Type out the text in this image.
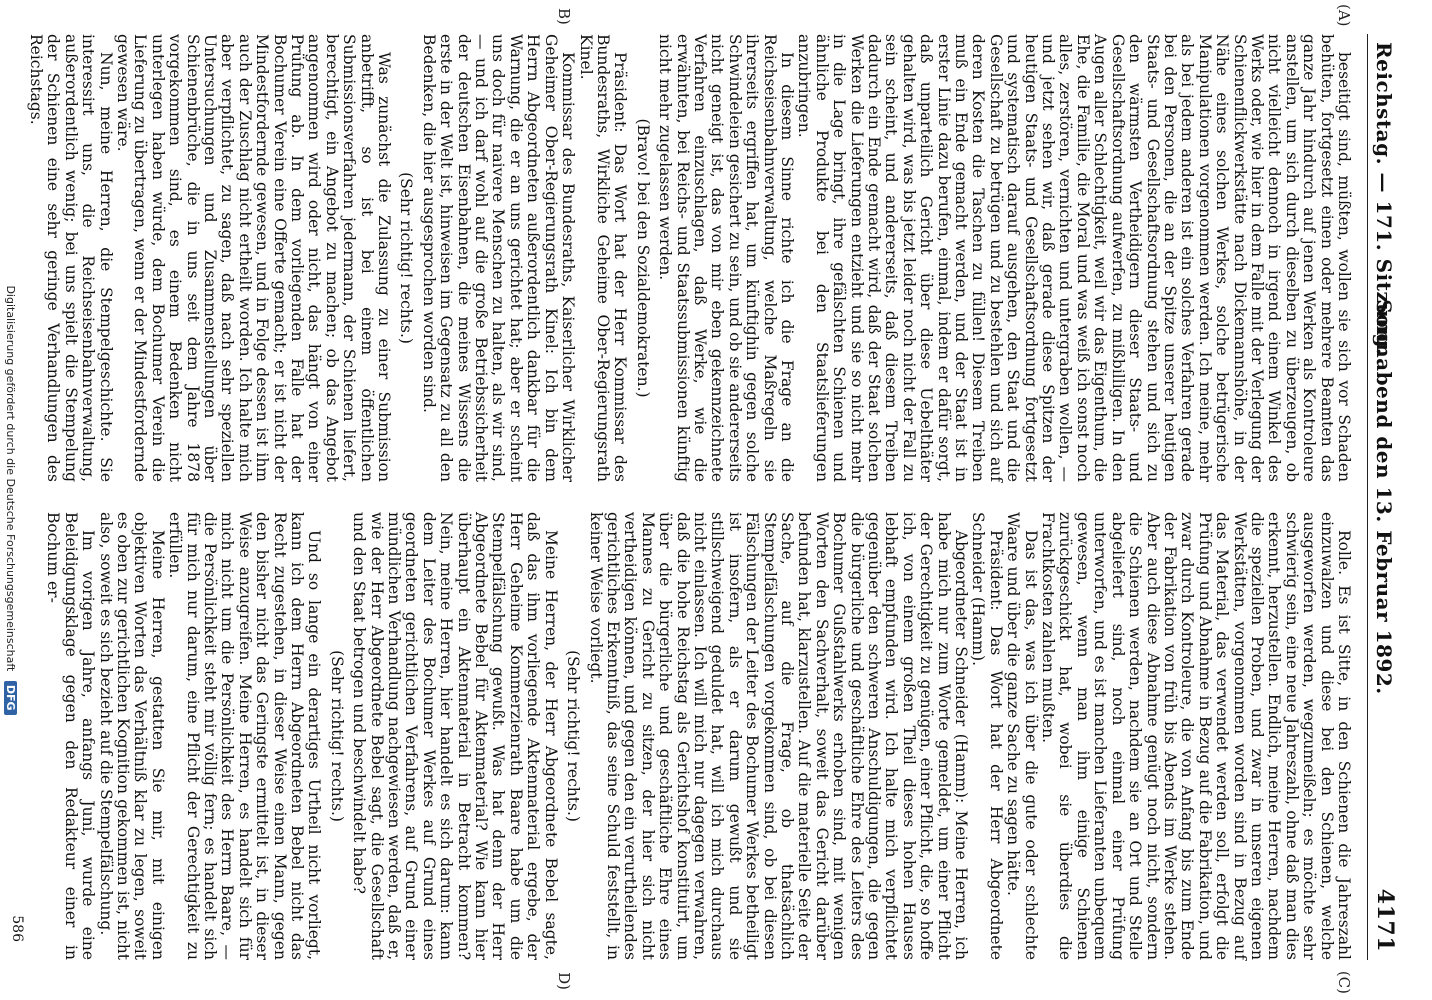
Reichstag. — 171. Sitzung.
Sonnabend den 13. Februar 1892.
4171
(A)
B)

beseitigt sind, müßten, wollen sie sich vor Schaden behüten, fortgesetzt einen oder mehrere Beamten das ganze Jahr hindurch auf jenen Werken als Kontroleure anstellen, um sich durch dieselben zu überzeugen, ob nicht vielleicht dennoch in irgend einem Winkel des Werks oder, wie hier in dem Falle mit der Verlegung der Schienenflickwerkstätte nach Dickemannshöhe, in der Nähe eines solchen Werkes, solche betrügerische Manipulationen vorgenommen werden. Ich meine, mehr als bei jedem anderen ist ein solches Verfahren gerade bei den Personen, die an der Spitze unserer heutigen Staats- und Gesellschaftsordnung stehen und sich zu den wärmsten Vertheidigern dieser Staats- und Gesellschaftsordnung aufwerfen, zu mißbilligen. In den Augen aller Schlechtigkeit, weil wir das Eigenthum, die Ehe, die Familie, die Moral und was weiß ich sonst noch alles, zerstören, vernichten und untergraben wollen, — und jetzt sehen wir, daß gerade diese Spitzen der heutigen Staats- und Gesellschaftsordnung fortgesetzt und systematisch darauf ausgehen, den Staat und die Gesellschaft zu betrügen und zu bestehlen und sich auf deren Kosten die Taschen zu füllen! Diesem Treiben muß ein Ende gemacht werden, und der Staat ist in erster Linie dazu berufen, einmal, indem er dafür sorgt, daß unparteilich Gericht über diese Uebelthäter gehalten wird, was bis jetzt leider noch nicht der Fall zu sein scheint, und andererseits, daß diesem Treiben dadurch ein Ende gemacht wird, daß der Staat solchen Werken die Lieferungen entzieht und sie so nicht mehr in die Lage bringt, ihre gefälschten Schienen und ähnliche Produkte bei den Staatslieferungen anzubringen.

In diesem Sinne richte ich die Frage an die Reichseisenbahnverwaltung, welche Maßregeln sie ihrerseits ergriffen hat, um künftighin gegen solche Schwindeleien gesichert zu sein, und ob sie andererseits nicht geneigt ist, das von mir eben gekennzeichnete Verfahren einzuschlagen, daß Werke, wie die erwähnten, bei Reichs- und Staatssubmissionen künftig nicht mehr zugelassen werden.

(Bravo! bei den Sozialdemokraten.)

Präsident: Das Wort hat der Herr Kommissar des Bundesraths, Wirkliche Geheime Ober-Regierungsrath Kinel.

Kommissar des Bundesraths, Kaiserlicher Wirklicher Geheimer Ober-Regierungsrath Kinel: Ich bin dem Herrn Abgeordneten außerordentlich dankbar für die Warnung, die er an uns gerichtet hat; aber er scheint uns doch für naivere Menschen zu halten, als wir sind, — und ich darf wohl auf die große Betriebssicherheit der deutschen Eisenbahnen, die meines Wissens die erste in der Welt ist, hinweisen im Gegensatz zu all den Bedenken, die hier ausgesprochen worden sind.

(Sehr richtig! rechts.)

Was zunächst die Zulassung zu einer Submission anbetrifft, so ist bei einem öffentlichen Submissionsverfahren jedermann, der Schienen liefert, berechtigt, ein Angebot zu machen; ob das Angebot angenommen wird oder nicht, das hängt von einer Prüfung ab. In dem vorliegenden Falle hat der Bochumer Verein eine Offerte gemacht; er ist nicht der Mindestfordernde gewesen, und in Folge dessen ist ihm auch der Zuschlag nicht ertheilt worden. Ich halte mich aber verpflichtet, zu sagen, daß nach sehr speziellen Untersuchungen und Zusammenstellungen über Schienenbrüche, die in uns seit dem Jahre 1878 vorgekommen sind, es einem Bedenken nicht unterlegen haben würde, dem Bochumer Verein die Lieferung zu übertragen, wenn er der Mindestfordernde gewesen wäre.

Nun, meine Herren, die Stempelgeschichte. Sie interessirt uns, die Reichseisenbahnverwaltung, außerordentlich wenig; bei uns spielt die Stempelung der Schienen eine sehr geringe Verhandlungen des Reichstags.

(C)
D)
586	Rolle. Es ist Sitte, in den Schienen die Jahreszahl einzuwalzen und diese bei den Schienen, welche ausgeworfen werden, wegzumeißeln; es möchte sehr schwierig sein, eine neue Jahreszahl, ohne daß man dies erkennt, herzustellen. Endlich, meine Herren, nachdem die speziellen Proben, und zwar in unseren eigenen Werkstätten, vorgenommen worden sind in Bezug auf das Material, das verwendet werden soll, erfolgt die Prüfung und Abnahme in Bezug auf die Fabrikation, und zwar durch Kontroleure, die von Anfang bis zum Ende der Fabrikation von früh bis Abends im Werke stehen. Aber auch diese Abnahme genügt noch nicht, sondern die Schienen werden, nachdem sie an Ort und Stelle abgeliefert sind, noch einmal einer Prüfung unterworfen, und es ist manchen Lieferanten unbequem gewesen, wenn man ihm einige Schienen zurückgeschickt hat, wobei sie überdies die Frachtkosten zahlen mußten.

Das ist das, was ich über die gute oder schlechte Waare und über die ganze Sache zu sagen hätte.

Präsident: Das Wort hat der Herr Abgeordnete Schneider (Hamm).

Abgeordneter Schneider (Hamm): Meine Herren, ich habe mich nur zum Worte gemeldet, um einer Pflicht der Gerechtigkeit zu genügen, einer Pflicht, die, so hoffe ich, von einem großen Theil dieses hohen Hauses lebhaft empfunden wird. Ich halte mich verpflichtet gegenüber den schweren Anschuldigungen, die gegen die bürgerliche und geschäftliche Ehre des Leiters des Bochumer Gußstahlwerks erhoben sind, mit wenigen Worten den Sachverhalt, soweit das Gericht darüber befunden hat, klarzustellen. Auf die materielle Seite der Sache, auf die Frage, ob thatsächlich Stempelfälschungen vorgekommen sind, ob bei diesen Fälschungen der Leiter des Bochumer Werkes betheiligt ist insofern, als er darum gewußt und sie stillschweigend geduldet hat, will ich mich durchaus nicht einlassen. Ich will mich nur dagegen verwahren, daß die hohe Reichstag als Gerichtshof konstituirt, um über die bürgerliche und geschäftliche Ehre eines Mannes zu Gericht zu sitzen, der hier sich nicht vertheidigen können, und gegen den ein verurtheilendes gerichtliches Erkenntniß, das seine Schuld feststellt, in keiner Weise vorliegt.

(Sehr richtig! rechts.)

Meine Herren, der Herr Abgeordnete Bebel sagte, daß das ihm vorliegende Aktenmaterial ergebe, der Herr Geheime Kommerzienrath Baare habe um die Stempelfälschung gewußt. Was hat denn der Herr Abgeordnete Bebel für Aktenmaterial? Wie kann hier überhaupt ein Aktenmaterial in Betracht kommen? Nein, meine Herren, hier handelt es sich darum: kann dem Leiter des Bochumer Werkes auf Grund eines geordneten gerichtlichen Verfahrens, auf Grund einer mündlichen Verhandlung nachgewiesen werden, daß er, wie der Herr Abgeordnete Bebel sagt, die Gesellschaft und den Staat betrogen und beschwindelt habe?

(Sehr richtig! rechts.)

Und so lange ein derartiges Urtheil nicht vorliegt, kann ich dem Herrn Abgeordneten Bebel nicht das Recht zugestehen, in dieser Weise einen Mann, gegen den bisher nicht das Geringste ermittelt ist, in dieser Weise anzugreifen. Meine Herren, es handelt sich für mich nicht um die Persönlichkeit des Herrn Baare, — die Persönlichkeit steht mir völlig fern; es handelt sich für mich nur darum, eine Pflicht der Gerechtigkeit zu erfüllen.

Meine Herren, gestatten Sie mir, mit einigen objektiven Worten das Verhältniß klar zu legen, soweit es oben zur gerichtlichen Kognition gekommen ist, nicht also, soweit es sich bezieht auf die Stempelfälschung.

Im vorigen Jahre, anfangs Juni, wurde eine Beleidigungsklage gegen den Redakteur einer in Bochum er-

Digitalisierung gefördert durch die Deutsche Forschungsgemeinschaft DFG
